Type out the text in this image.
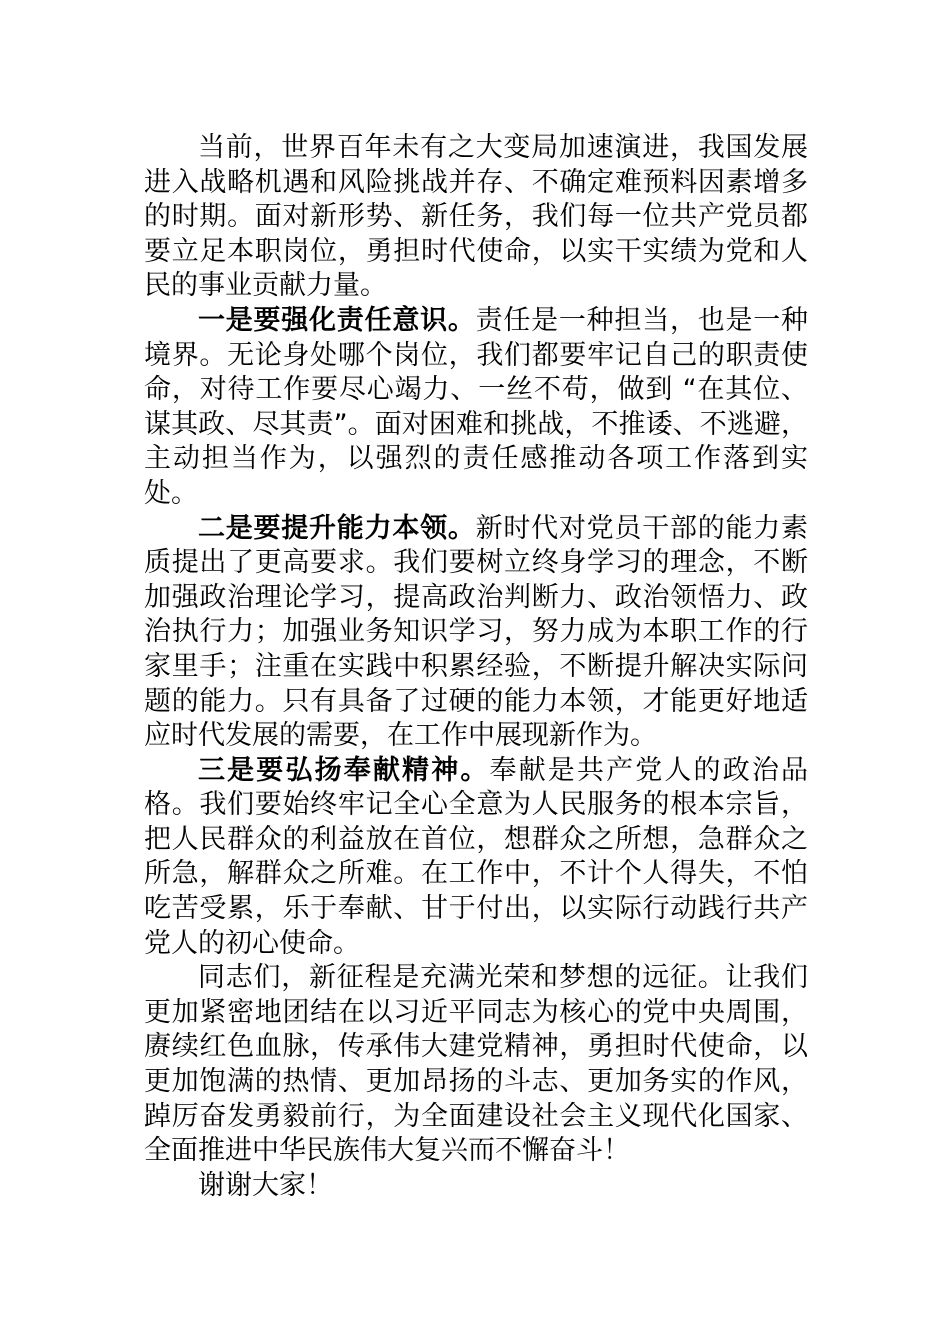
当前，世界百年未有之大变局加速演进，我国发展进入战略机遇和风险挑战并存、不确定难预料因素增多的时期。面对新形势、新任务，我们每一位共产党员都要立足本职岗位，勇担时代使命，以实干实绩为党和人民的事业贡献力量。

一是要强化责任意识。责任是一种担当，也是一种境界。无论身处哪个岗位，我们都要牢记自己的职责使命，对待工作要尽心竭力、一丝不苟，做到 “在其位、谋其政、尽其责”。面对困难和挑战，不推诿、不逃避，主动担当作为，以强烈的责任感推动各项工作落到实处。

二是要提升能力本领。新时代对党员干部的能力素质提出了更高要求。我们要树立终身学习的理念，不断加强政治理论学习，提高政治判断力、政治领悟力、政治执行力；加强业务知识学习，努力成为本职工作的行家里手；注重在实践中积累经验，不断提升解决实际问题的能力。只有具备了过硬的能力本领，才能更好地适应时代发展的需要，在工作中展现新作为。

三是要弘扬奉献精神。奉献是共产党人的政治品格。我们要始终牢记全心全意为人民服务的根本宗旨，把人民群众的利益放在首位，想群众之所想，急群众之所急，解群众之所难。在工作中，不计个人得失，不怕吃苦受累，乐于奉献、甘于付出，以实际行动践行共产党人的初心使命。

同志们，新征程是充满光荣和梦想的远征。让我们更加紧密地团结在以习近平同志为核心的党中央周围，赓续红色血脉，传承伟大建党精神，勇担时代使命，以更加饱满的热情、更加昂扬的斗志、更加务实的作风，踔厉奋发勇毅前行，为全面建设社会主义现代化国家、全面推进中华民族伟大复兴而不懈奋斗！

谢谢大家！
